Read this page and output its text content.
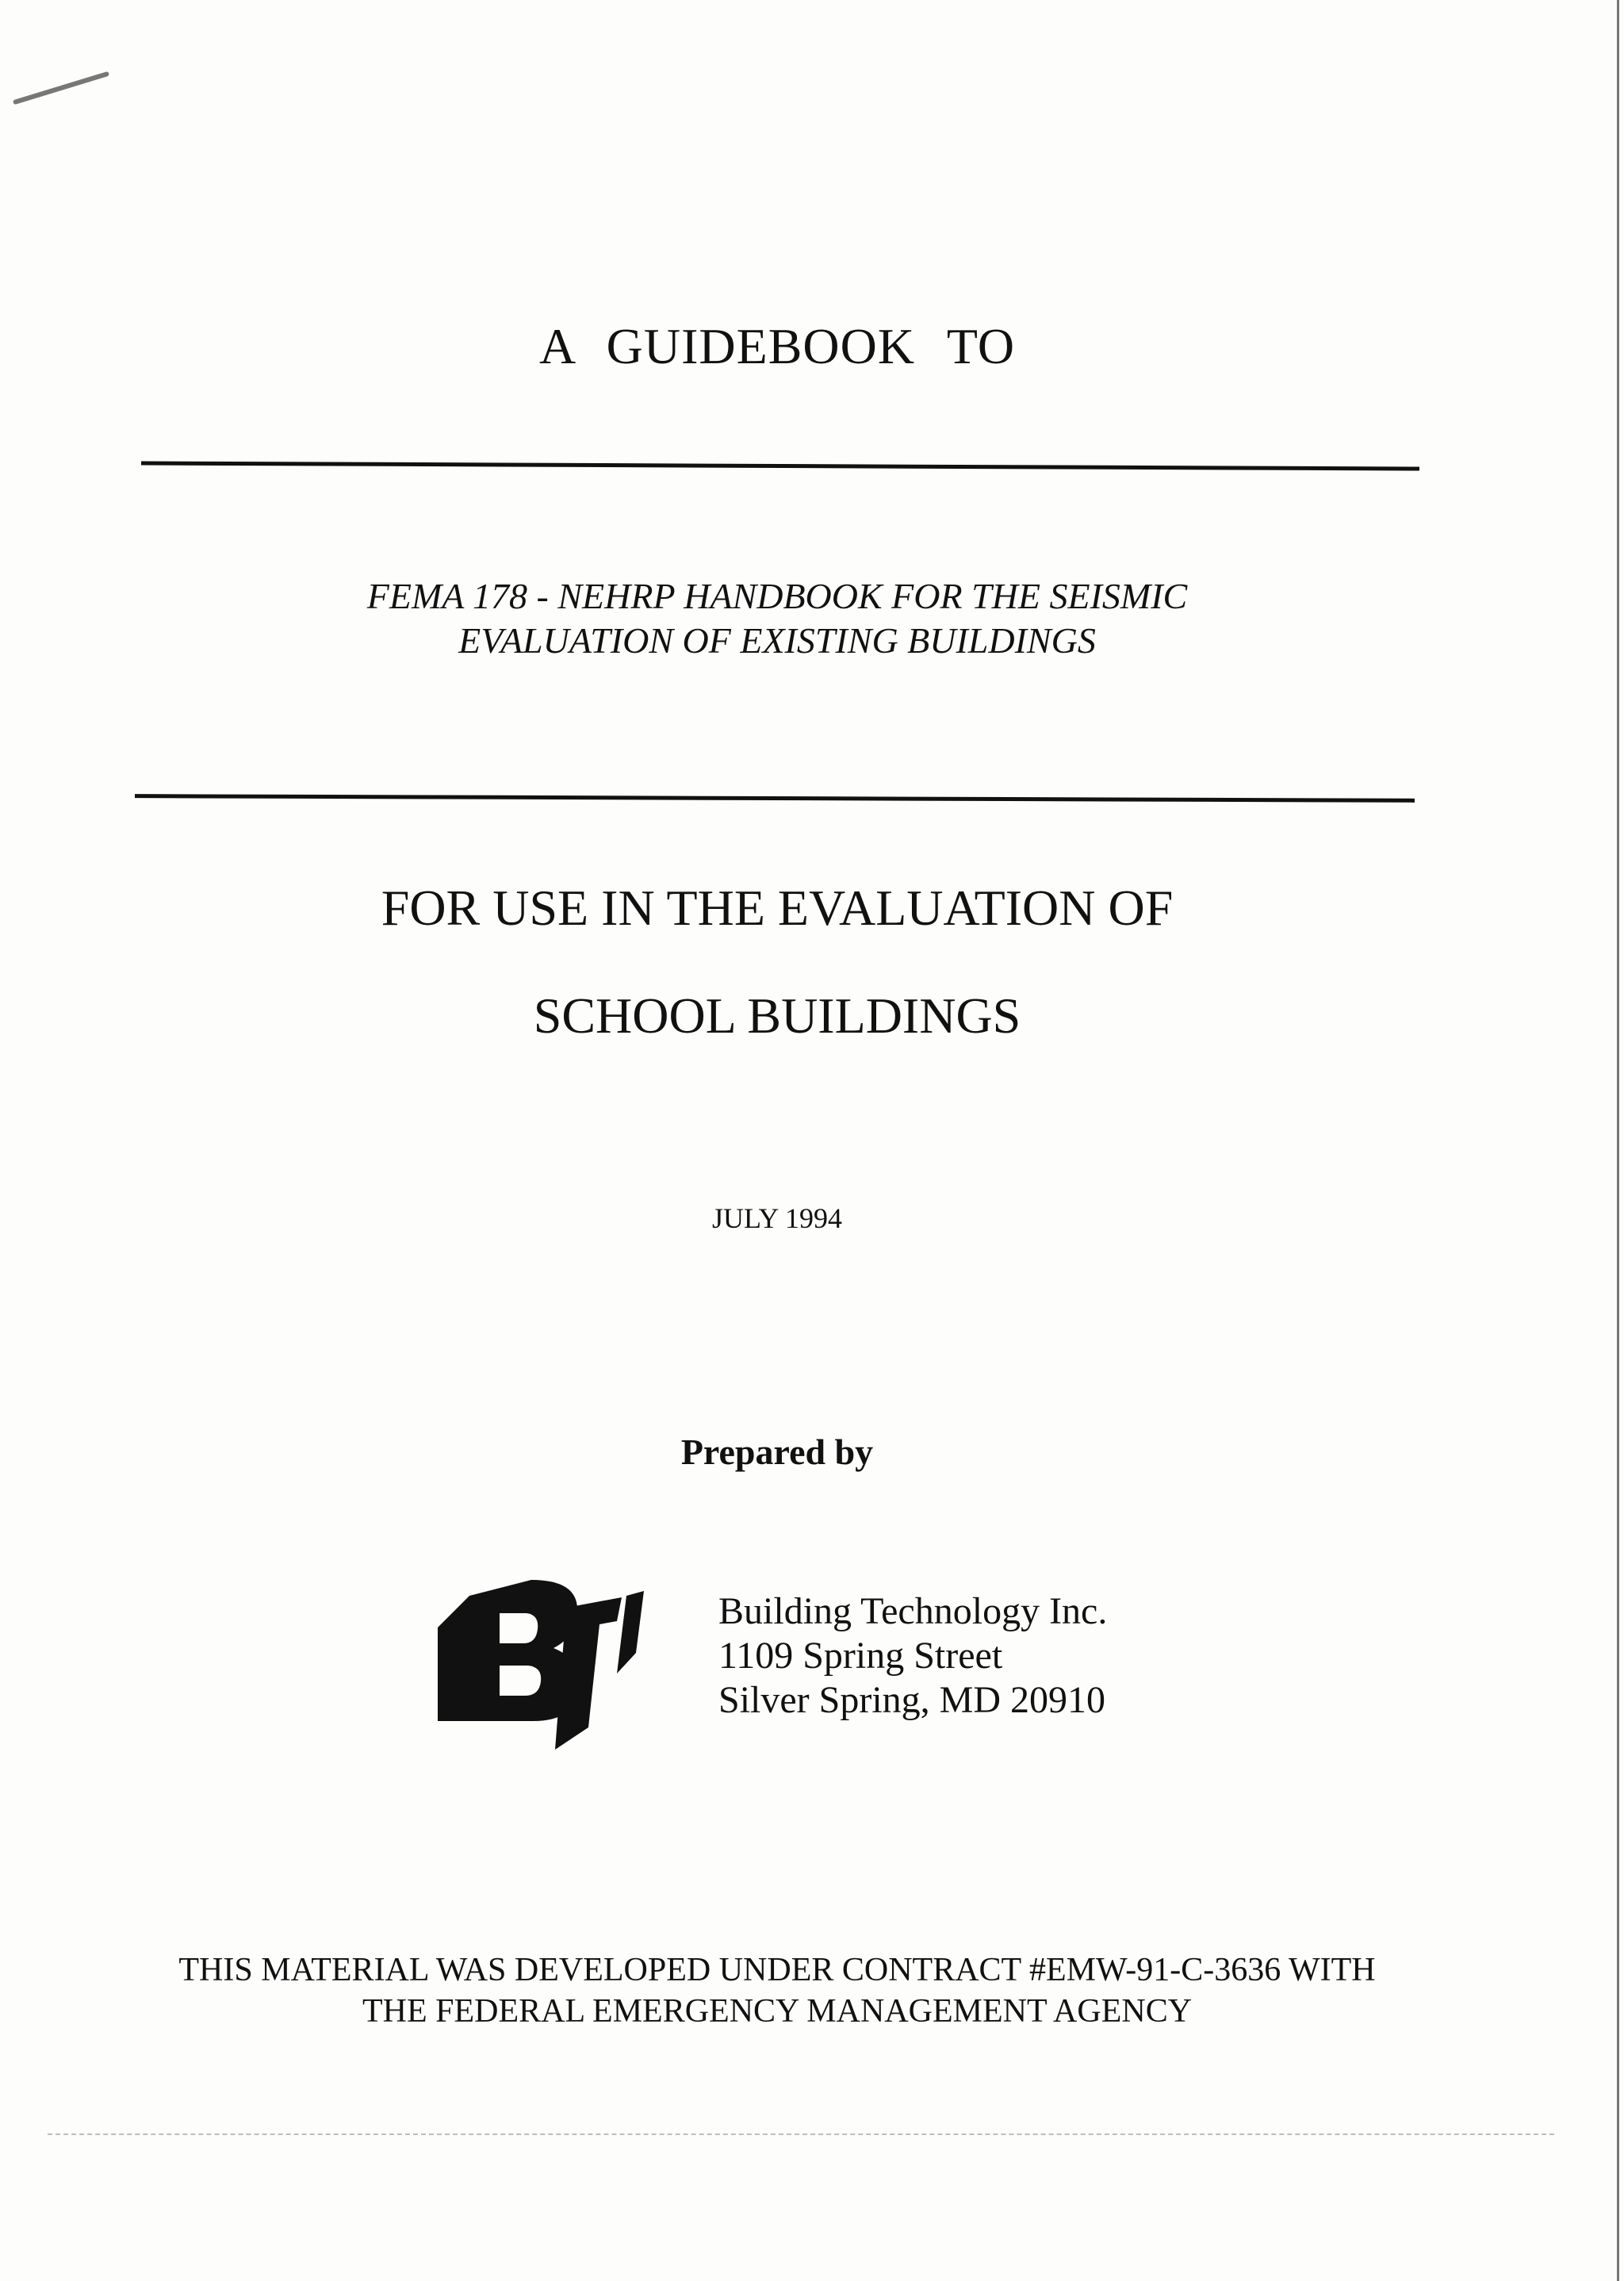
A GUIDEBOOK TO
FEMA 178 - NEHRP HANDBOOK FOR THE SEISMIC
EVALUATION OF EXISTING BUILDINGS
FOR USE IN THE EVALUATION OF
SCHOOL BUILDINGS
JULY 1994
Prepared by
Building Technology Inc.
1109 Spring Street
Silver Spring, MD 20910
THIS MATERIAL WAS DEVELOPED UNDER CONTRACT #EMW-91-C-3636 WITH
THE FEDERAL EMERGENCY MANAGEMENT AGENCY
